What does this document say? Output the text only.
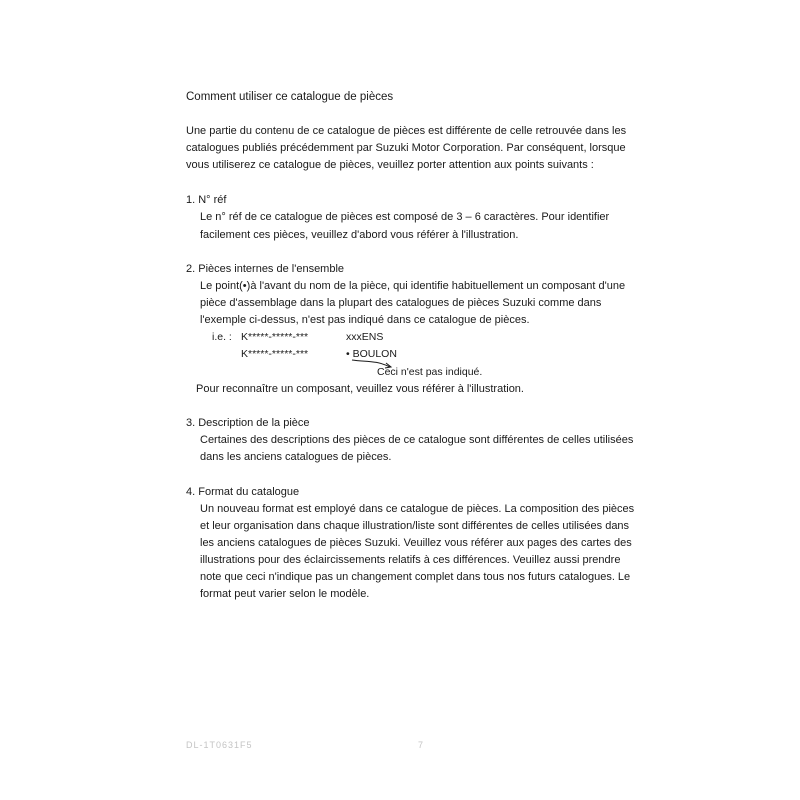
Comment utiliser ce catalogue de pièces
Une partie du contenu de ce catalogue de pièces est différente de celle retrouvée dans les
catalogues publiés précédemment par Suzuki Motor Corporation. Par conséquent, lorsque
vous utiliserez ce catalogue de pièces, veuillez porter attention aux points suivants :
1. N° réf
Le n° réf de ce catalogue de pièces est composé de 3 – 6 caractères. Pour identifier
facilement ces pièces, veuillez d'abord vous référer à l'illustration.
2. Pièces internes de l'ensemble
Le point(•)à l'avant du nom de la pièce, qui identifie habituellement un composant d'une
pièce d'assemblage dans la plupart des catalogues de pièces Suzuki comme dans
l'exemple ci-dessus, n'est pas indiqué dans ce catalogue de pièces.
i.e. : K*****-*****-***	xxxENS
K*****-*****-***	• BOULON
Ceci n'est pas indiqué.
Pour reconnaître un composant, veuillez vous référer à l'illustration.
3. Description de la pièce
Certaines des descriptions des pièces de ce catalogue sont différentes de celles utilisées
dans les anciens catalogues de pièces.
4. Format du catalogue
Un nouveau format est employé dans ce catalogue de pièces. La composition des pièces
et leur organisation dans chaque illustration/liste sont différentes de celles utilisées dans
les anciens catalogues de pièces Suzuki. Veuillez vous référer aux pages des cartes des
illustrations pour des éclaircissements relatifs à ces différences. Veuillez aussi prendre
note que ceci n'indique pas un changement complet dans tous nos futurs catalogues. Le
format peut varier selon le modèle.
DL-1T0631F5	7
